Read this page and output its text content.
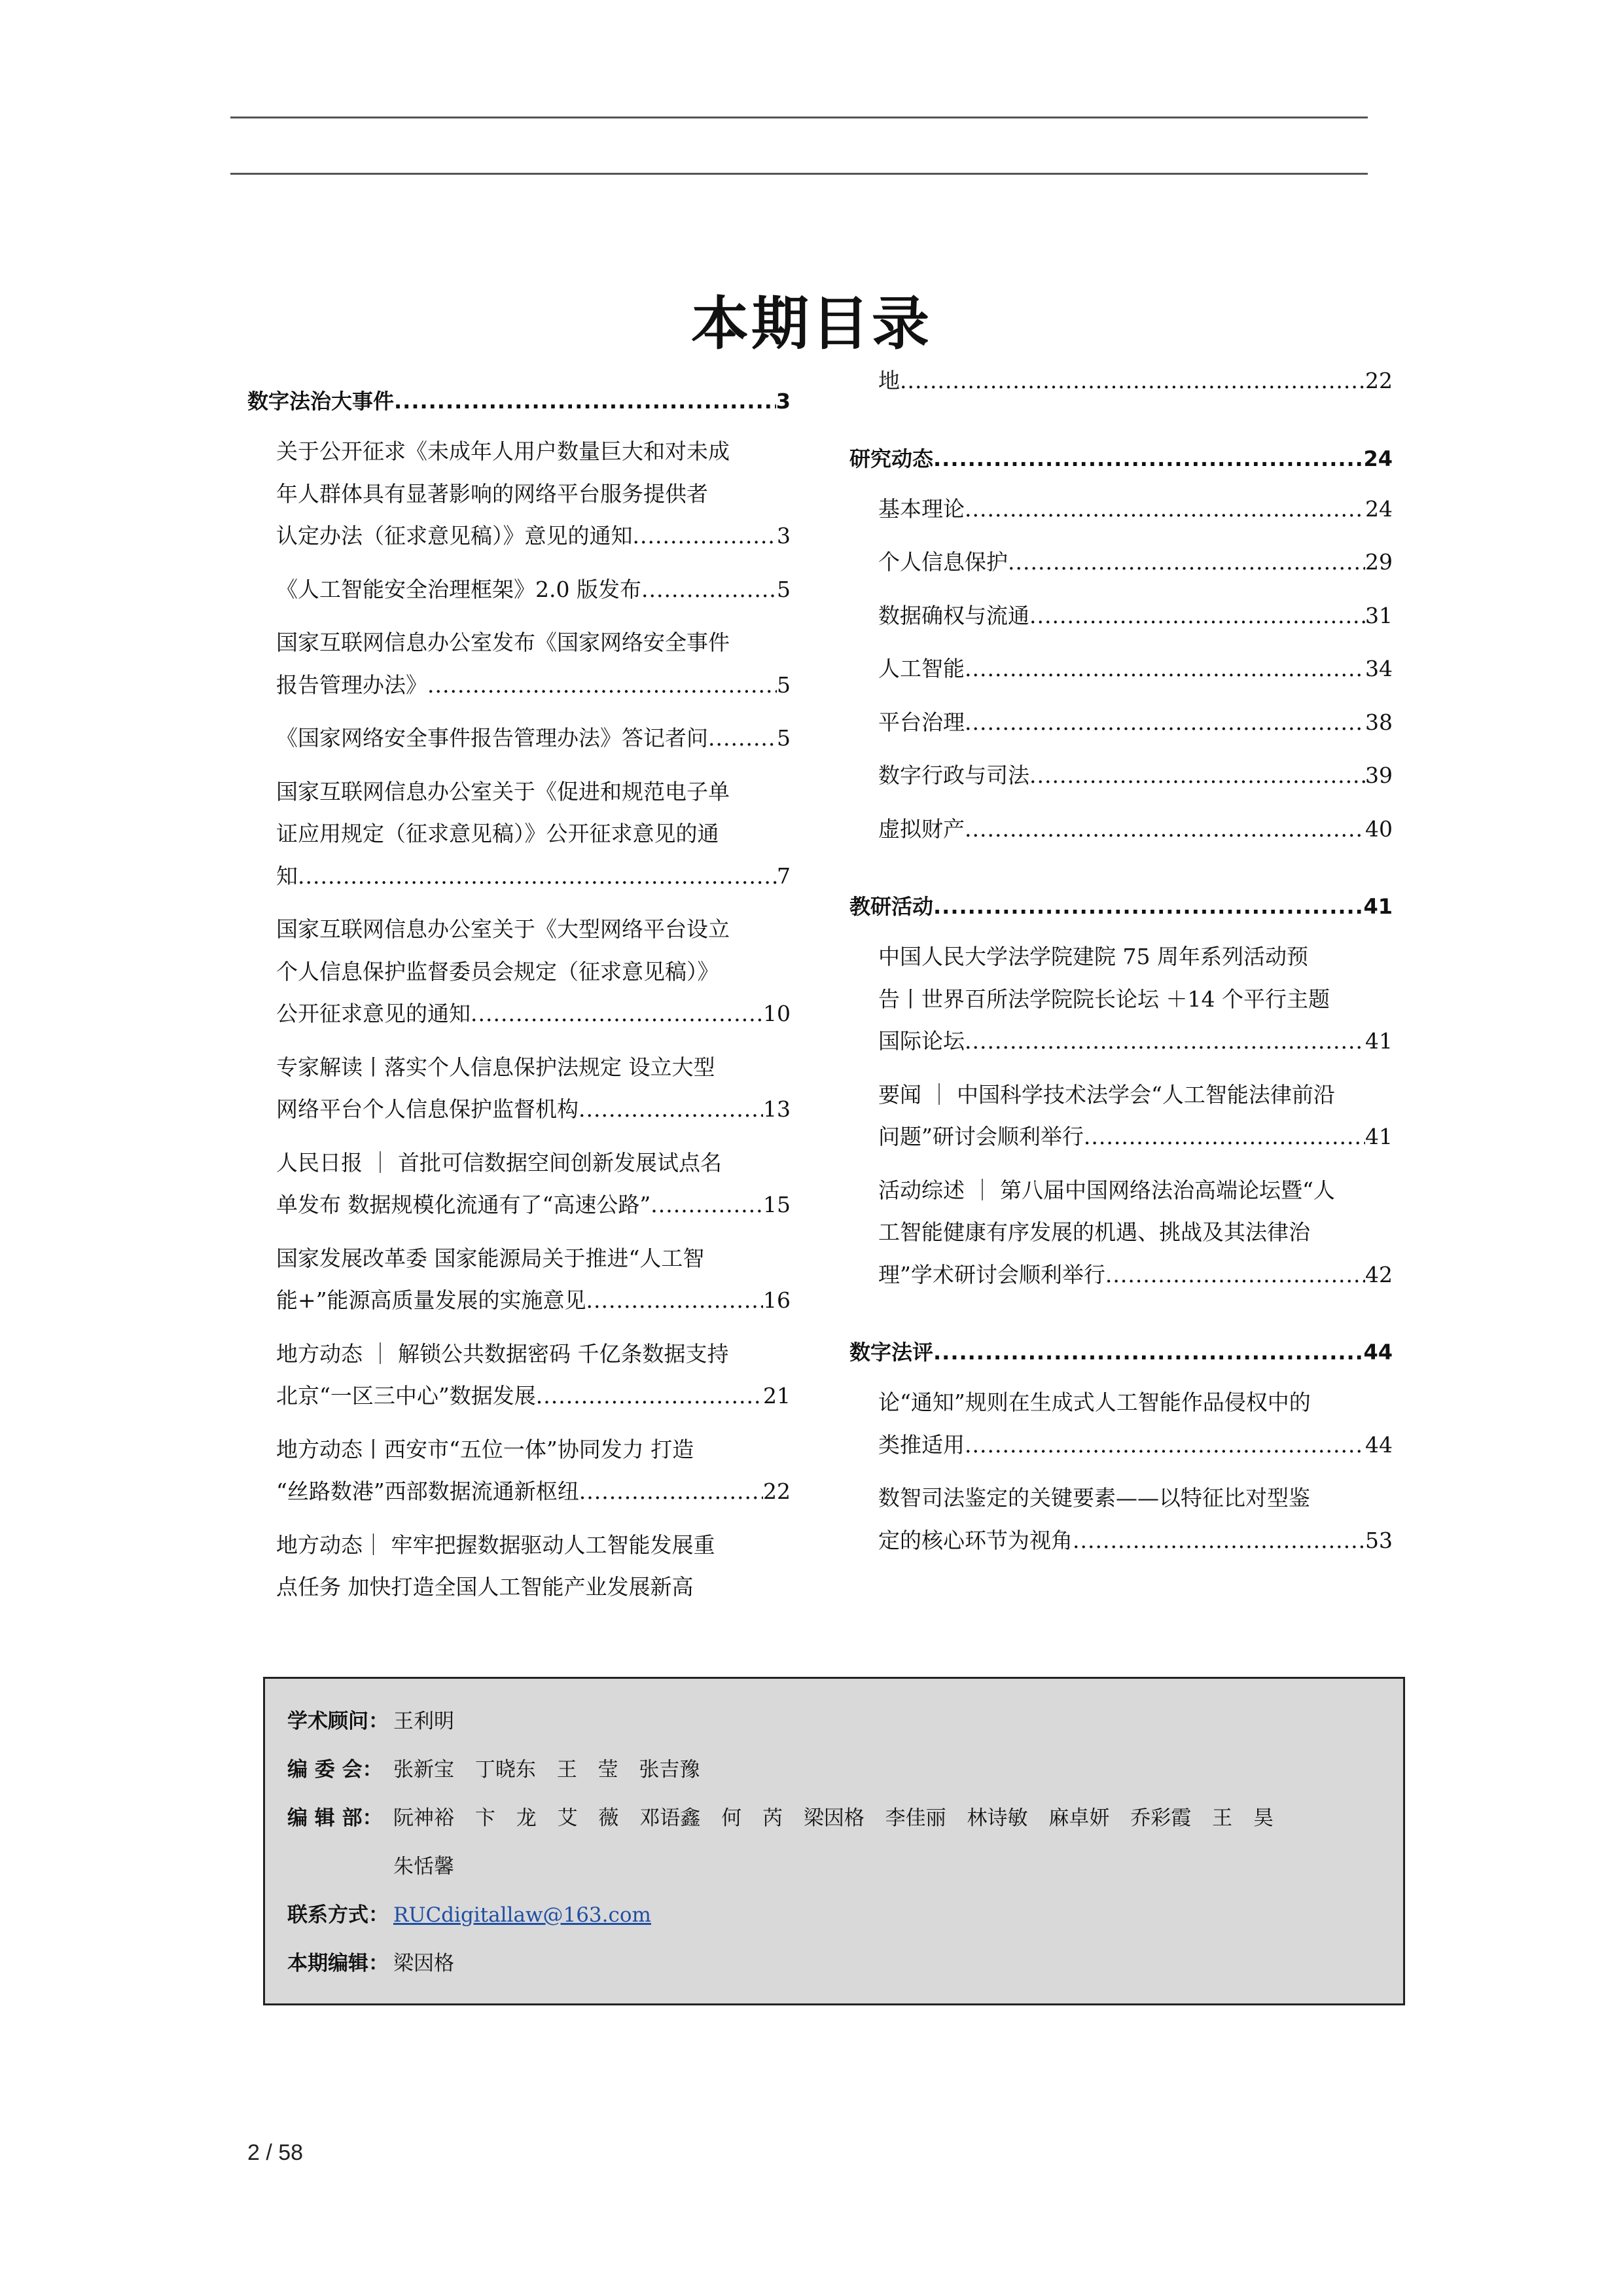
本期目录
数字法治大事件 .....	3
关于公开征求《未成年人用户数量巨大和对未成
年人群体具有显著影响的网络平台服务提供者
认定办法（征求意见稿）》意见的通知 .....	3
《人工智能安全治理框架》2.0 版发布 .....	5
国家互联网信息办公室发布《国家网络安全事件
报告管理办法》 .....	5
《国家网络安全事件报告管理办法》答记者问 .....	5
国家互联网信息办公室关于《促进和规范电子单
证应用规定（征求意见稿）》公开征求意见的通
知 .....	7
国家互联网信息办公室关于《大型网络平台设立
个人信息保护监督委员会规定（征求意见稿）》
公开征求意见的通知 .....	10
专家解读丨落实个人信息保护法规定 设立大型
网络平台个人信息保护监督机构 .....	13
人民日报 ｜ 首批可信数据空间创新发展试点名
单发布 数据规模化流通有了“高速公路” .....	15
国家发展改革委 国家能源局关于推进“人工智
能+”能源高质量发展的实施意见 .....	16
地方动态 ｜ 解锁公共数据密码 千亿条数据支持
北京“一区三中心”数据发展 .....	21
地方动态丨西安市“五位一体”协同发力 打造
“丝路数港”西部数据流通新枢纽 .....	22
地方动态｜ 牢牢把握数据驱动人工智能发展重
点任务 加快打造全国人工智能产业发展新高
地 .....	22
研究动态 .....	24
基本理论 .....	24
个人信息保护 .....	29
数据确权与流通 .....	31
人工智能 .....	34
平台治理 .....	38
数字行政与司法 .....	39
虚拟财产 .....	40
教研活动 .....	41
中国人民大学法学院建院 75 周年系列活动预
告丨世界百所法学院院长论坛 ＋14 个平行主题
国际论坛 .....	41
要闻 ｜ 中国科学技术法学会“人工智能法律前沿
问题”研讨会顺利举行 .....	41
活动综述 ｜ 第八届中国网络法治高端论坛暨“人
工智能健康有序发展的机遇、挑战及其法律治
理”学术研讨会顺利举行 .....	42
数字法评 .....	44
论“通知”规则在生成式人工智能作品侵权中的
类推适用 .....	44
数智司法鉴定的关键要素——以特征比对型鉴
定的核心环节为视角 .....	53
学术顾问： 王利明
编 委 会： 张新宝 丁晓东 王 莹 张吉豫
编 辑 部： 阮神裕 卞 龙 艾 薇 邓语鑫 何 芮 梁因格 李佳丽 林诗敏 麻卓妍 乔彩霞 王 昊
朱恬馨
联系方式： RUCdigitallaw@163.com
本期编辑： 梁因格
2 / 58
